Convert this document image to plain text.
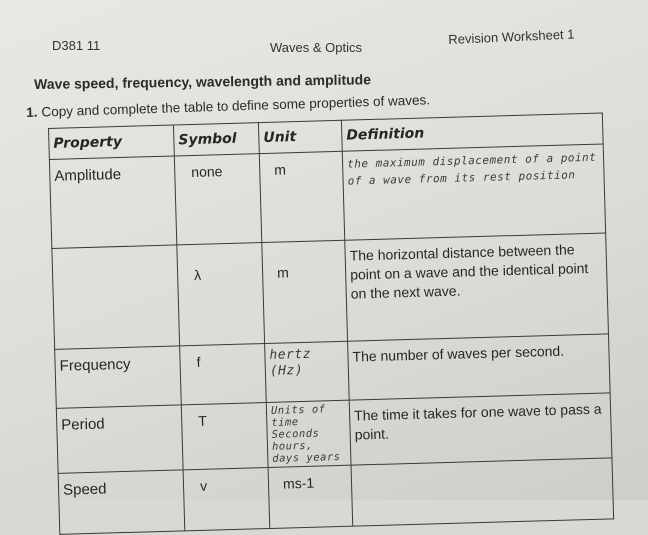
D381 11	Waves & Optics
Revision Worksheet 1
Wave speed, frequency, wavelength and amplitude
1. Copy and complete the table to define some properties of waves.
Property	Symbol	Unit	Definition
Amplitude	none	m	the maximum displacement of a point of a wave from its rest position
	λ	m	The horizontal distance between the point on a wave and the identical point on the next wave.
Frequency	f	hertz (Hz)	The number of waves per second.
Period	T	Units of time Seconds hours, days years	The time it takes for one wave to pass a point.
Speed	v	ms-1	
